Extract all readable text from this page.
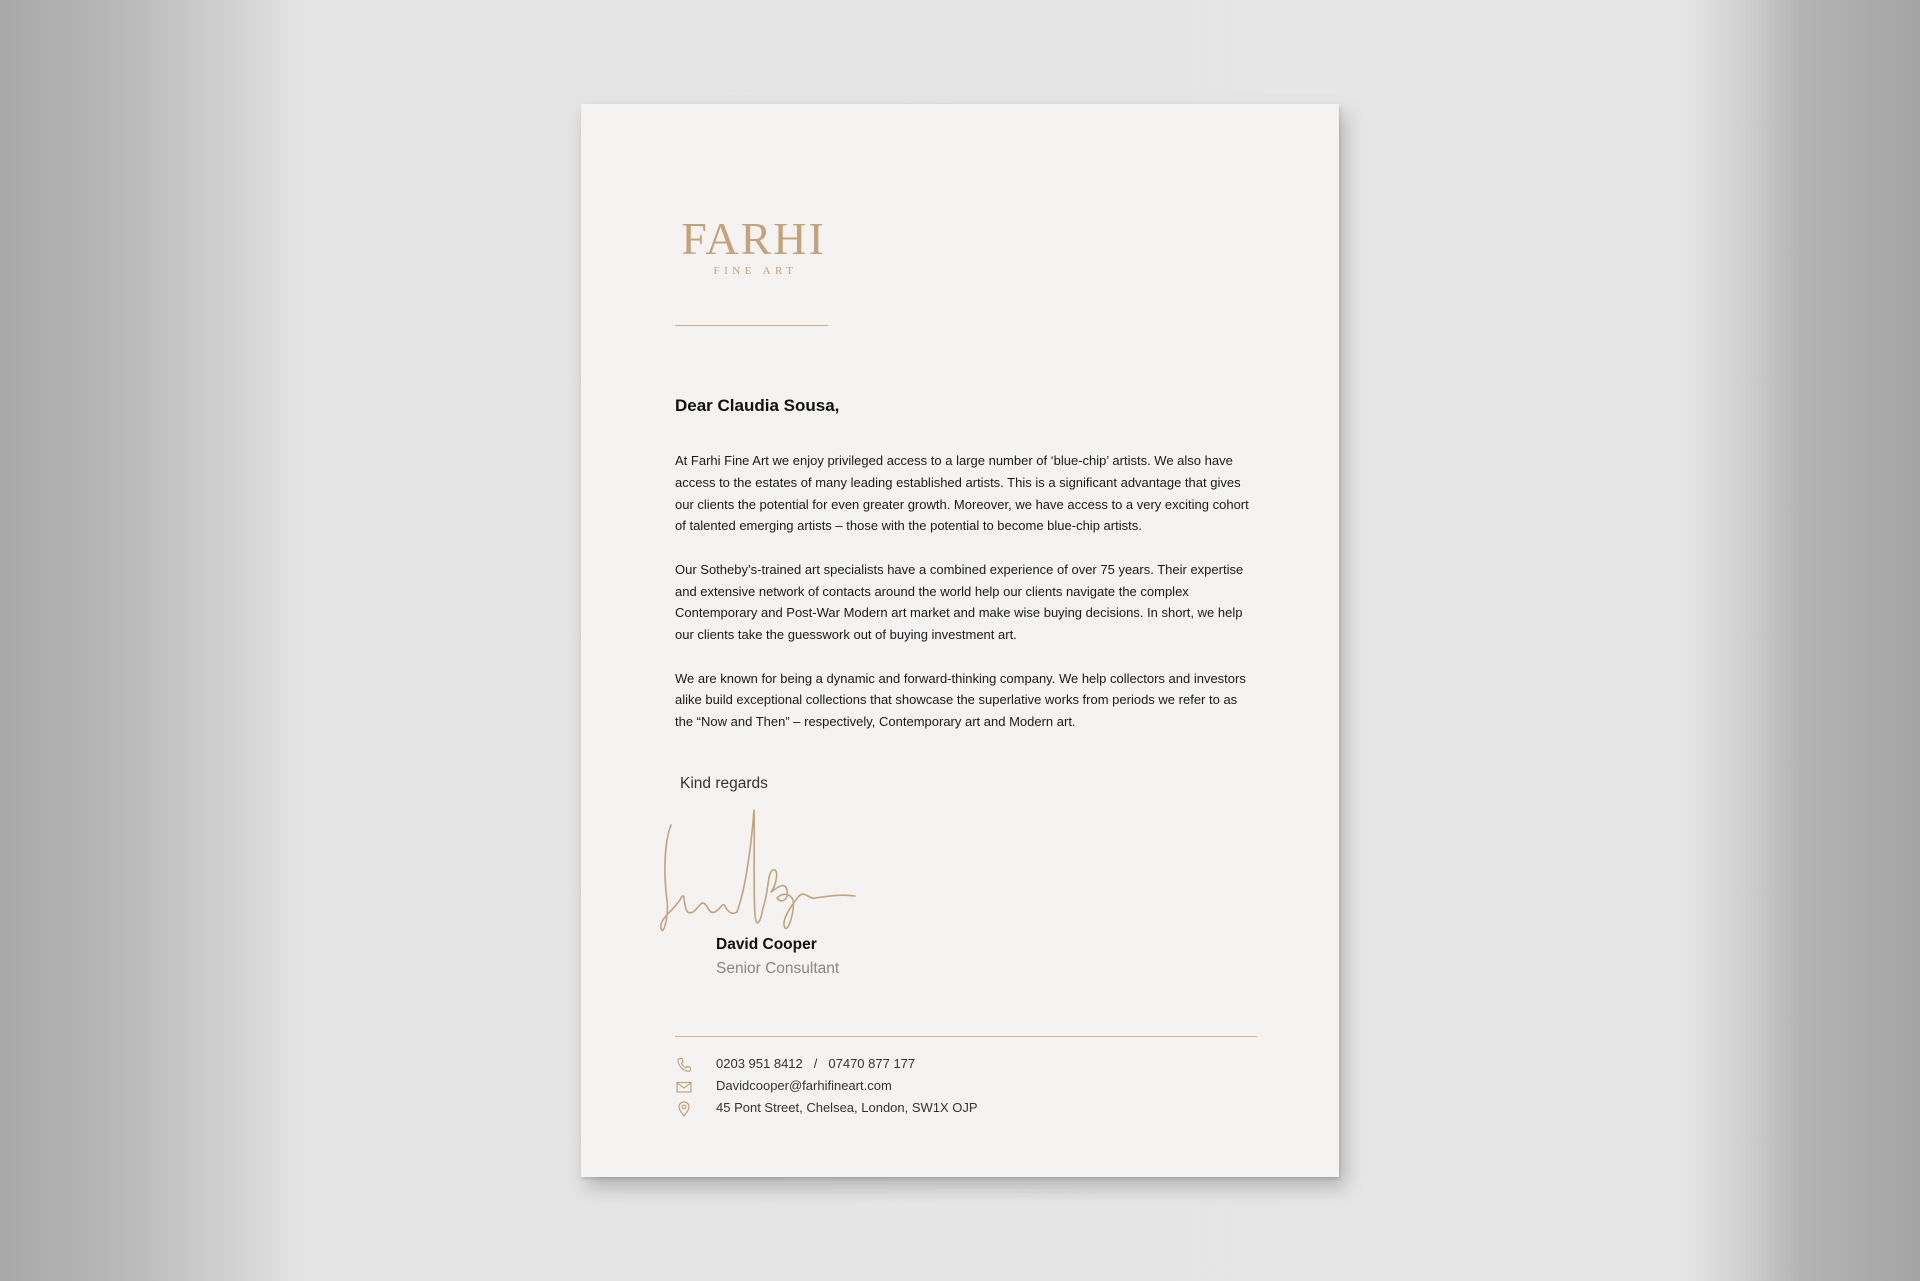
FARHI
FINE ART
Dear Claudia Sousa,

At Farhi Fine Art we enjoy privileged access to a large number of ‘blue-chip’ artists. We also have access to the estates of many leading established artists. This is a significant advantage that gives our clients the potential for even greater growth. Moreover, we have access to a very exciting cohort of talented emerging artists – those with the potential to become blue-chip artists.

Our Sotheby’s-trained art specialists have a combined experience of over 75 years. Their expertise and extensive network of contacts around the world help our clients navigate the complex Contemporary and Post-War Modern art market and make wise buying decisions. In short, we help our clients take the guesswork out of buying investment art.

We are known for being a dynamic and forward-thinking company. We help collectors and investors alike build exceptional collections that showcase the superlative works from periods we refer to as the “Now and Then” – respectively, Contemporary art and Modern art.

Kind regards
David Cooper
Senior Consultant
0203 951 8412 / 07470 877 177
Davidcooper@farhifineart.com
45 Pont Street, Chelsea, London, SW1X OJP
